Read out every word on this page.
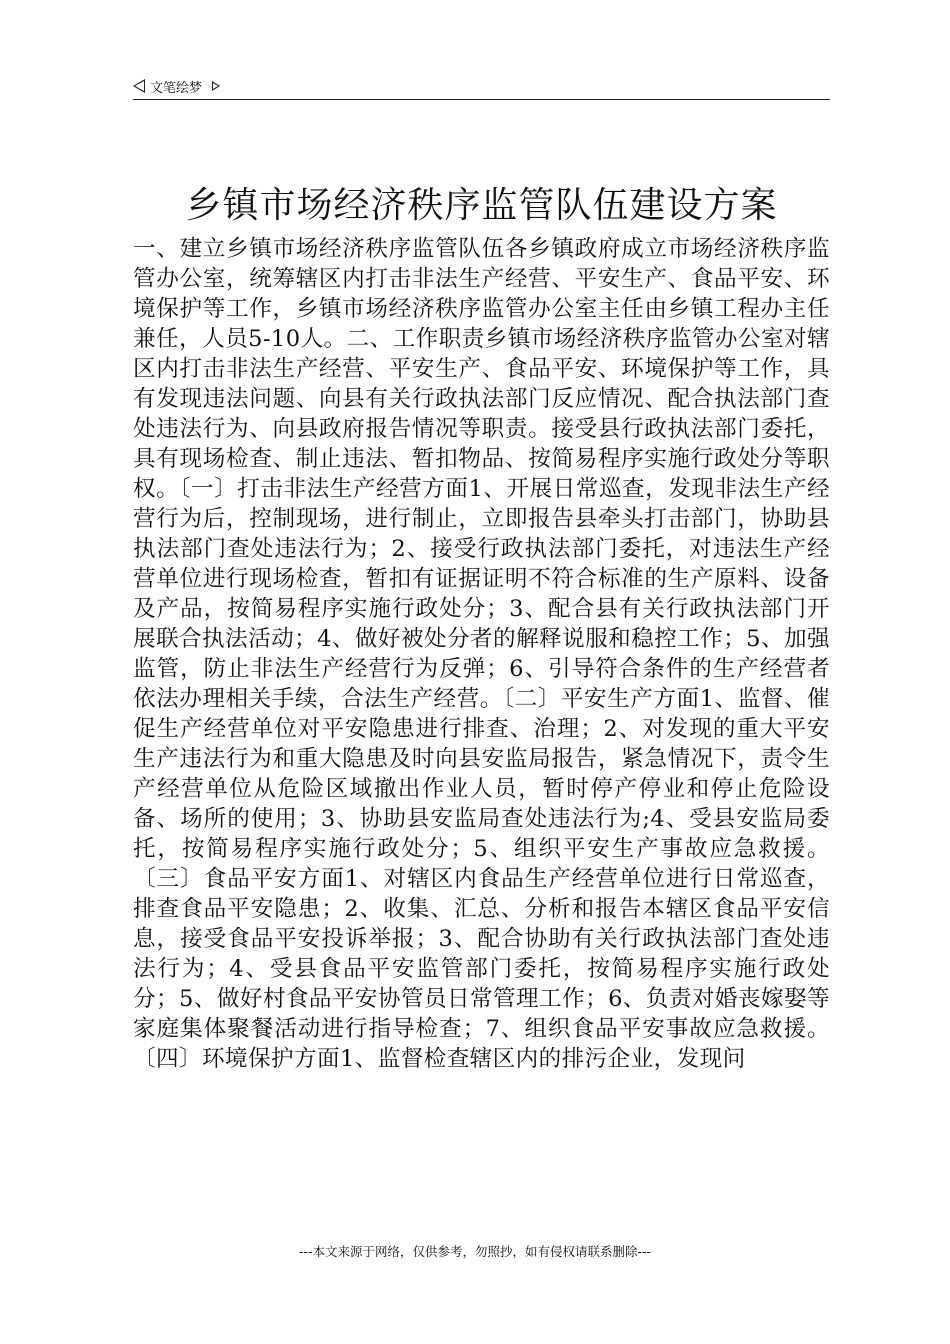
文笔绘梦
乡镇市场经济秩序监管队伍建设方案

一、建立乡镇市场经济秩序监管队伍各乡镇政府成立市场经济秩序监管办公室，统筹辖区内打击非法生产经营、平安生产、食品平安、环境保护等工作，乡镇市场经济秩序监管办公室主任由乡镇工程办主任兼任，人员5-10人。二、工作职责乡镇市场经济秩序监管办公室对辖区内打击非法生产经营、平安生产、食品平安、环境保护等工作，具有发现违法问题、向县有关行政执法部门反应情况、配合执法部门查处违法行为、向县政府报告情况等职责。接受县行政执法部门委托，具有现场检查、制止违法、暂扣物品、按简易程序实施行政处分等职权。〔一〕打击非法生产经营方面1、开展日常巡查，发现非法生产经营行为后，控制现场，进行制止，立即报告县牵头打击部门，协助县执法部门查处违法行为；2、接受行政执法部门委托，对违法生产经营单位进行现场检查，暂扣有证据证明不符合标准的生产原料、设备及产品，按简易程序实施行政处分；3、配合县有关行政执法部门开展联合执法活动；4、做好被处分者的解释说服和稳控工作；5、加强监管，防止非法生产经营行为反弹；6、引导符合条件的生产经营者依法办理相关手续，合法生产经营。〔二〕平安生产方面1、监督、催促生产经营单位对平安隐患进行排查、治理；2、对发现的重大平安生产违法行为和重大隐患及时向县安监局报告，紧急情况下，责令生产经营单位从危险区域撤出作业人员，暂时停产停业和停止危险设备、场所的使用；3、协助县安监局查处违法行为;4、受县安监局委托，按简易程序实施行政处分；5、组织平安生产事故应急救援。〔三〕食品平安方面1、对辖区内食品生产经营单位进行日常巡查，排查食品平安隐患；2、收集、汇总、分析和报告本辖区食品平安信息，接受食品平安投诉举报；3、配合协助有关行政执法部门查处违法行为；4、受县食品平安监管部门委托，按简易程序实施行政处分；5、做好村食品平安协管员日常管理工作；6、负责对婚丧嫁娶等家庭集体聚餐活动进行指导检查；7、组织食品平安事故应急救援。〔四〕环境保护方面1、监督检查辖区内的排污企业，发现问

---本文来源于网络，仅供参考，勿照抄，如有侵权请联系删除---
